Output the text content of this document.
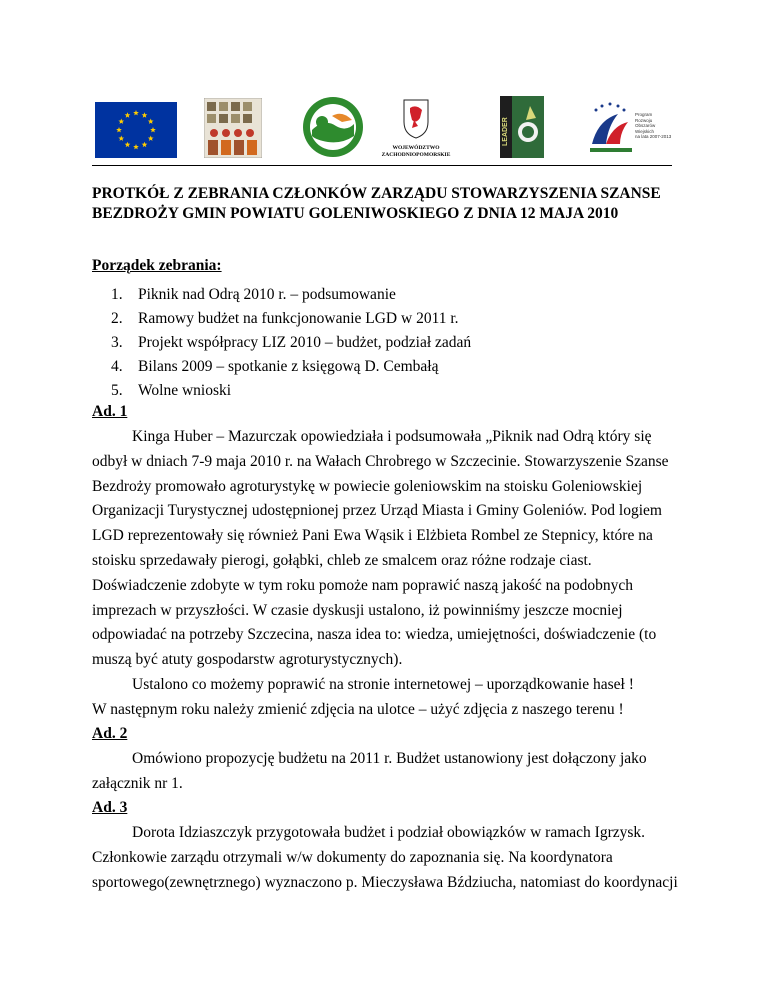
WOJEWÓDZTWO
ZACHODNIOPOMORSKIE
LEADER
Program
Rozwoju
Obszarów
Wiejskich
na lata 2007-2013
PROTKÓŁ Z ZEBRANIA CZŁONKÓW ZARZĄDU STOWARZYSZENIA SZANSE
BEZDROŻY GMIN POWIATU GOLENIWOSKIEGO Z DNIA 12 MAJA 2010
Porządek zebrania:
1. Piknik nad Odrą 2010 r. – podsumowanie
2. Ramowy budżet na funkcjonowanie LGD w 2011 r.
3. Projekt współpracy LIZ 2010 – budżet, podział zadań
4. Bilans 2009 – spotkanie z księgową D. Cembałą
5. Wolne wnioski
Ad. 1
Kinga Huber – Mazurczak opowiedziała i podsumowała „Piknik nad Odrą który się
odbył w dniach 7-9 maja 2010 r. na Wałach Chrobrego w Szczecinie. Stowarzyszenie Szanse
Bezdroży promowało agroturystykę w powiecie goleniowskim na stoisku Goleniowskiej
Organizacji Turystycznej udostępnionej przez Urząd Miasta i Gminy Goleniów. Pod logiem
LGD reprezentowały się również Pani Ewa Wąsik i Elżbieta Rombel ze Stepnicy, które na
stoisku sprzedawały pierogi, gołąbki, chleb ze smalcem oraz różne rodzaje ciast.
Doświadczenie zdobyte w tym roku pomoże nam poprawić naszą jakość na podobnych
imprezach w przyszłości. W czasie dyskusji ustalono, iż powinniśmy jeszcze mocniej
odpowiadać na potrzeby Szczecina, nasza idea to: wiedza, umiejętności, doświadczenie (to
muszą być atuty gospodarstw agroturystycznych).
Ustalono co możemy poprawić na stronie internetowej – uporządkowanie haseł !
W następnym roku należy zmienić zdjęcia na ulotce – użyć zdjęcia z naszego terenu !
Ad. 2
Omówiono propozycję budżetu na 2011 r. Budżet ustanowiony jest dołączony jako
załącznik nr 1.
Ad. 3
Dorota Idziaszczyk przygotowała budżet i podział obowiązków w ramach Igrzysk.
Członkowie zarządu otrzymali w/w dokumenty do zapoznania się. Na koordynatora
sportowego(zewnętrznego) wyznaczono p. Mieczysława Bździucha, natomiast do koordynacji
